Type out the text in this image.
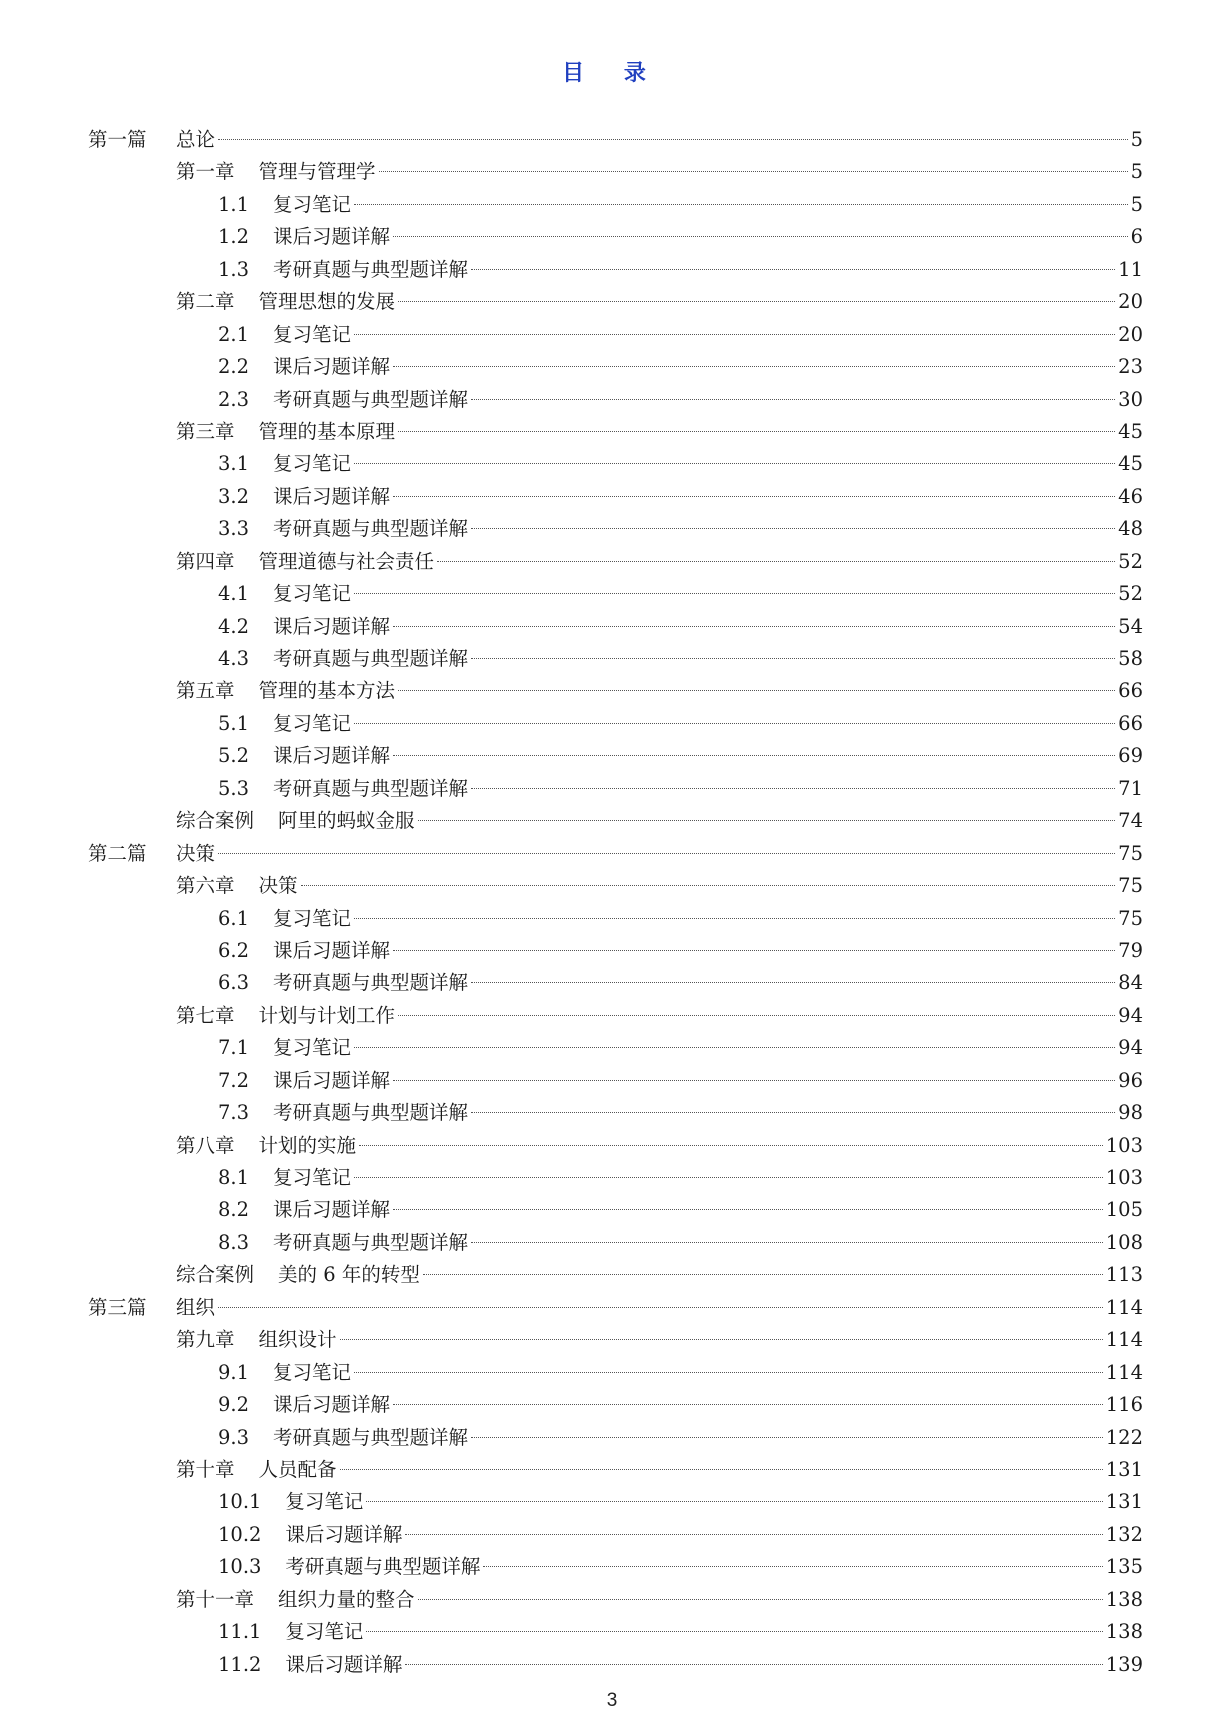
目 录
第一篇	总论	5
第一章 管理与管理学	5
1.1 复习笔记	5
1.2 课后习题详解	6
1.3 考研真题与典型题详解	11
第二章 管理思想的发展	20
2.1 复习笔记	20
2.2 课后习题详解	23
2.3 考研真题与典型题详解	30
第三章 管理的基本原理	45
3.1 复习笔记	45
3.2 课后习题详解	46
3.3 考研真题与典型题详解	48
第四章 管理道德与社会责任	52
4.1 复习笔记	52
4.2 课后习题详解	54
4.3 考研真题与典型题详解	58
第五章 管理的基本方法	66
5.1 复习笔记	66
5.2 课后习题详解	69
5.3 考研真题与典型题详解	71
综合案例 阿里的蚂蚁金服	74
第二篇	决策	75
第六章 决策	75
6.1 复习笔记	75
6.2 课后习题详解	79
6.3 考研真题与典型题详解	84
第七章 计划与计划工作	94
7.1 复习笔记	94
7.2 课后习题详解	96
7.3 考研真题与典型题详解	98
第八章 计划的实施	103
8.1 复习笔记	103
8.2 课后习题详解	105
8.3 考研真题与典型题详解	108
综合案例 美的 6 年的转型	113
第三篇	组织	114
第九章 组织设计	114
9.1 复习笔记	114
9.2 课后习题详解	116
9.3 考研真题与典型题详解	122
第十章 人员配备	131
10.1 复习笔记	131
10.2 课后习题详解	132
10.3 考研真题与典型题详解	135
第十一章 组织力量的整合	138
11.1 复习笔记	138
11.2 课后习题详解	139
3
